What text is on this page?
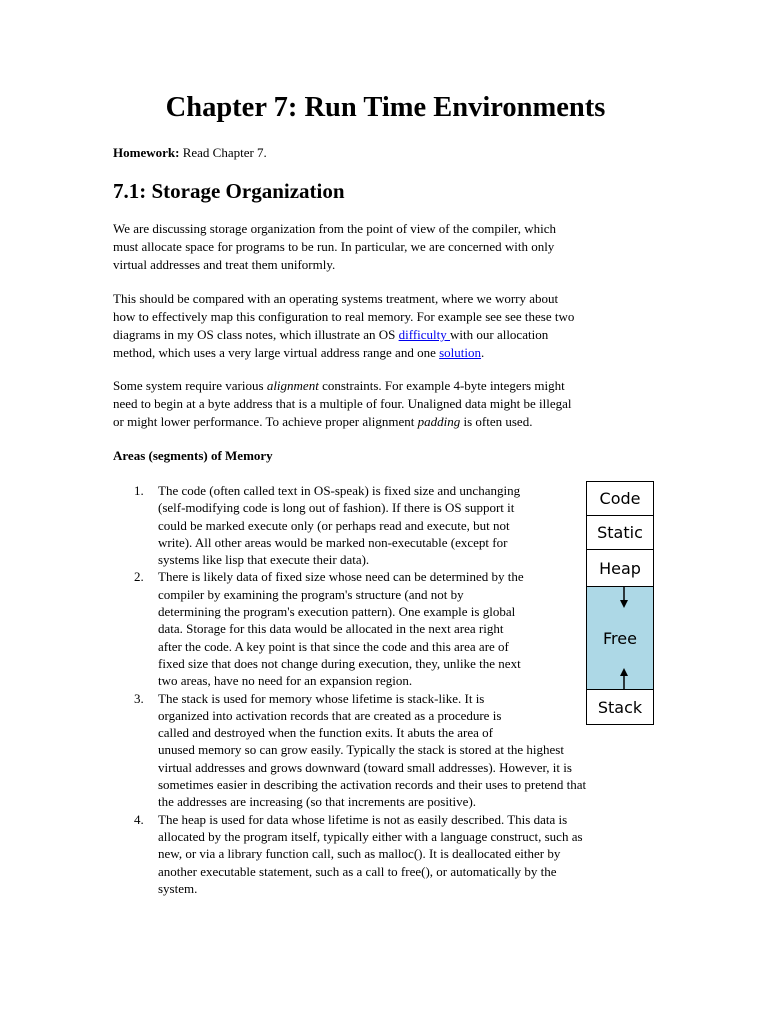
Chapter 7: Run Time Environments

Homework: Read Chapter 7.

7.1: Storage Organization

We are discussing storage organization from the point of view of the compiler, which
must allocate space for programs to be run. In particular, we are concerned with only
virtual addresses and treat them uniformly.

This should be compared with an operating systems treatment, where we worry about
how to effectively map this configuration to real memory. For example see see these two
diagrams in my OS class notes, which illustrate an OS difficulty with our allocation
method, which uses a very large virtual address range and one solution.

Some system require various alignment constraints. For example 4-byte integers might
need to begin at a byte address that is a multiple of four. Unaligned data might be illegal
or might lower performance. To achieve proper alignment padding is often used.

Areas (segments) of Memory
1. The code (often called text in OS-speak) is fixed size and unchanging
(self-modifying code is long out of fashion). If there is OS support it
could be marked execute only (or perhaps read and execute, but not
write). All other areas would be marked non-executable (except for
systems like lisp that execute their data).
2. There is likely data of fixed size whose need can be determined by the
compiler by examining the program's structure (and not by
determining the program's execution pattern). One example is global
data. Storage for this data would be allocated in the next area right
after the code. A key point is that since the code and this area are of
fixed size that does not change during execution, they, unlike the next
two areas, have no need for an expansion region.
3. The stack is used for memory whose lifetime is stack-like. It is
organized into activation records that are created as a procedure is
called and destroyed when the function exits. It abuts the area of
unused memory so can grow easily. Typically the stack is stored at the highest
virtual addresses and grows downward (toward small addresses). However, it is
sometimes easier in describing the activation records and their uses to pretend that
the addresses are increasing (so that increments are positive).
4. The heap is used for data whose lifetime is not as easily described. This data is
allocated by the program itself, typically either with a language construct, such as
new, or via a library function call, such as malloc(). It is deallocated either by
another executable statement, such as a call to free(), or automatically by the
system.
Code
Static
Heap
Free
Stack
